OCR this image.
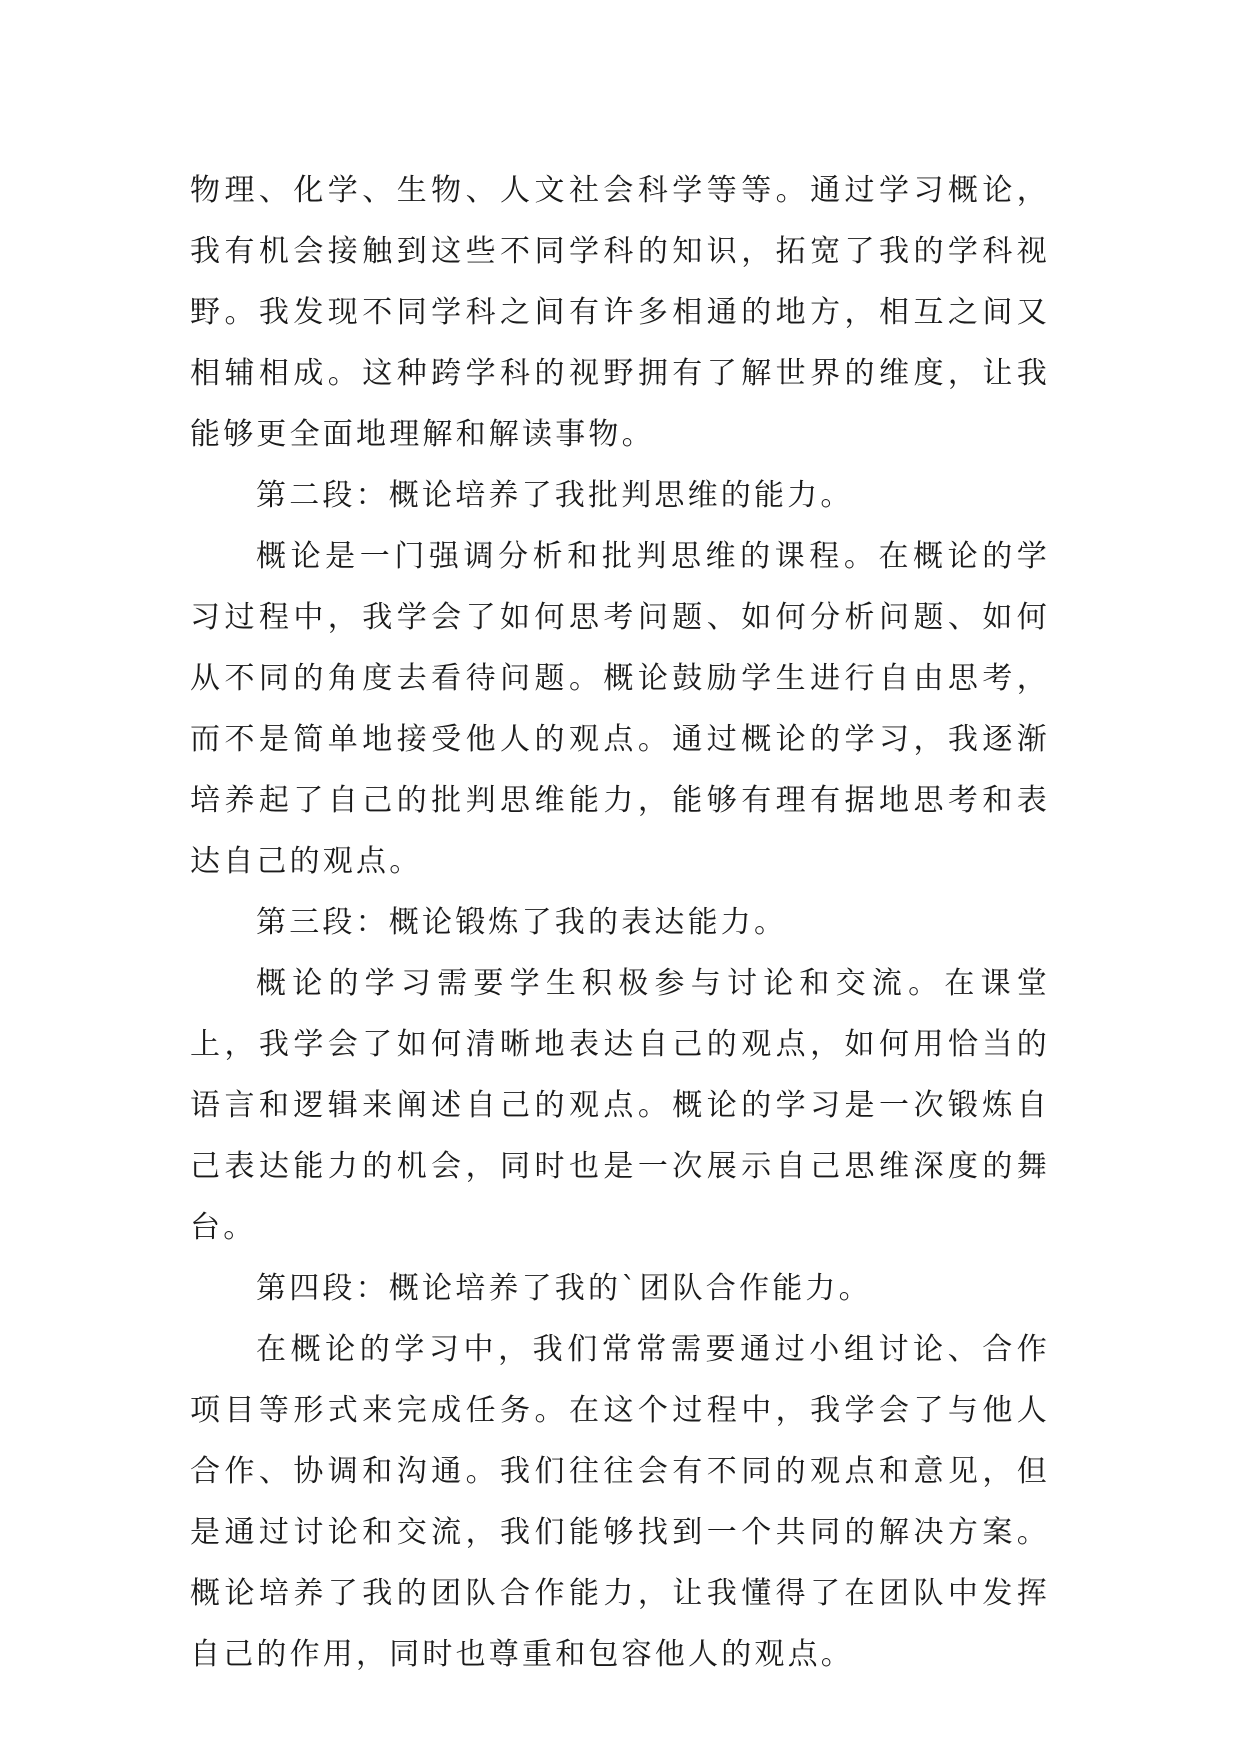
物理、化学、生物、人文社会科学等等。通过学习概论，我有机会接触到这些不同学科的知识，拓宽了我的学科视野。我发现不同学科之间有许多相通的地方，相互之间又相辅相成。这种跨学科的视野拥有了解世界的维度，让我能够更全面地理解和解读事物。

第二段：概论培养了我批判思维的能力。

概论是一门强调分析和批判思维的课程。在概论的学习过程中，我学会了如何思考问题、如何分析问题、如何从不同的角度去看待问题。概论鼓励学生进行自由思考，而不是简单地接受他人的观点。通过概论的学习，我逐渐培养起了自己的批判思维能力，能够有理有据地思考和表达自己的观点。

第三段：概论锻炼了我的表达能力。

概论的学习需要学生积极参与讨论和交流。在课堂上，我学会了如何清晰地表达自己的观点，如何用恰当的语言和逻辑来阐述自己的观点。概论的学习是一次锻炼自己表达能力的机会，同时也是一次展示自己思维深度的舞台。

第四段：概论培养了我的`团队合作能力。

在概论的学习中，我们常常需要通过小组讨论、合作项目等形式来完成任务。在这个过程中，我学会了与他人合作、协调和沟通。我们往往会有不同的观点和意见，但是通过讨论和交流，我们能够找到一个共同的解决方案。概论培养了我的团队合作能力，让我懂得了在团队中发挥自己的作用，同时也尊重和包容他人的观点。
